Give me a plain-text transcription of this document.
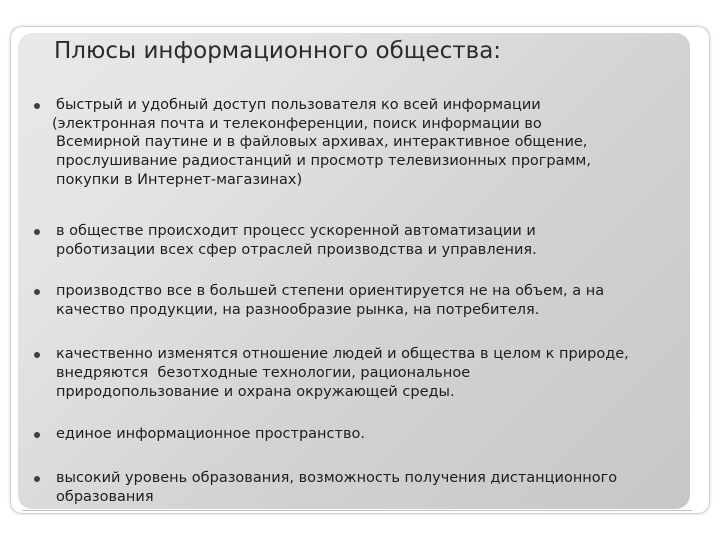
Плюсы информационного общества:

быстрый и удобный доступ пользователя ко всей информации
(электронная почта и телеконференции, поиск информации во
Всемирной паутине и в файловых архивах, интерактивное общение,
прослушивание радиостанций и просмотр телевизионных программ,
покупки в Интернет-магазинах)

в обществе происходит процесс ускоренной автоматизации и
роботизации всех сфер отраслей производства и управления.

производство все в большей степени ориентируется не на объем, а на
качество продукции, на разнообразие рынка, на потребителя.

качественно изменятся отношение людей и общества в целом к природе,
внедряются  безотходные технологии, рациональное
природопользование и охрана окружающей среды.

единое информационное пространство.

высокий уровень образования, возможность получения дистанционного
образования
